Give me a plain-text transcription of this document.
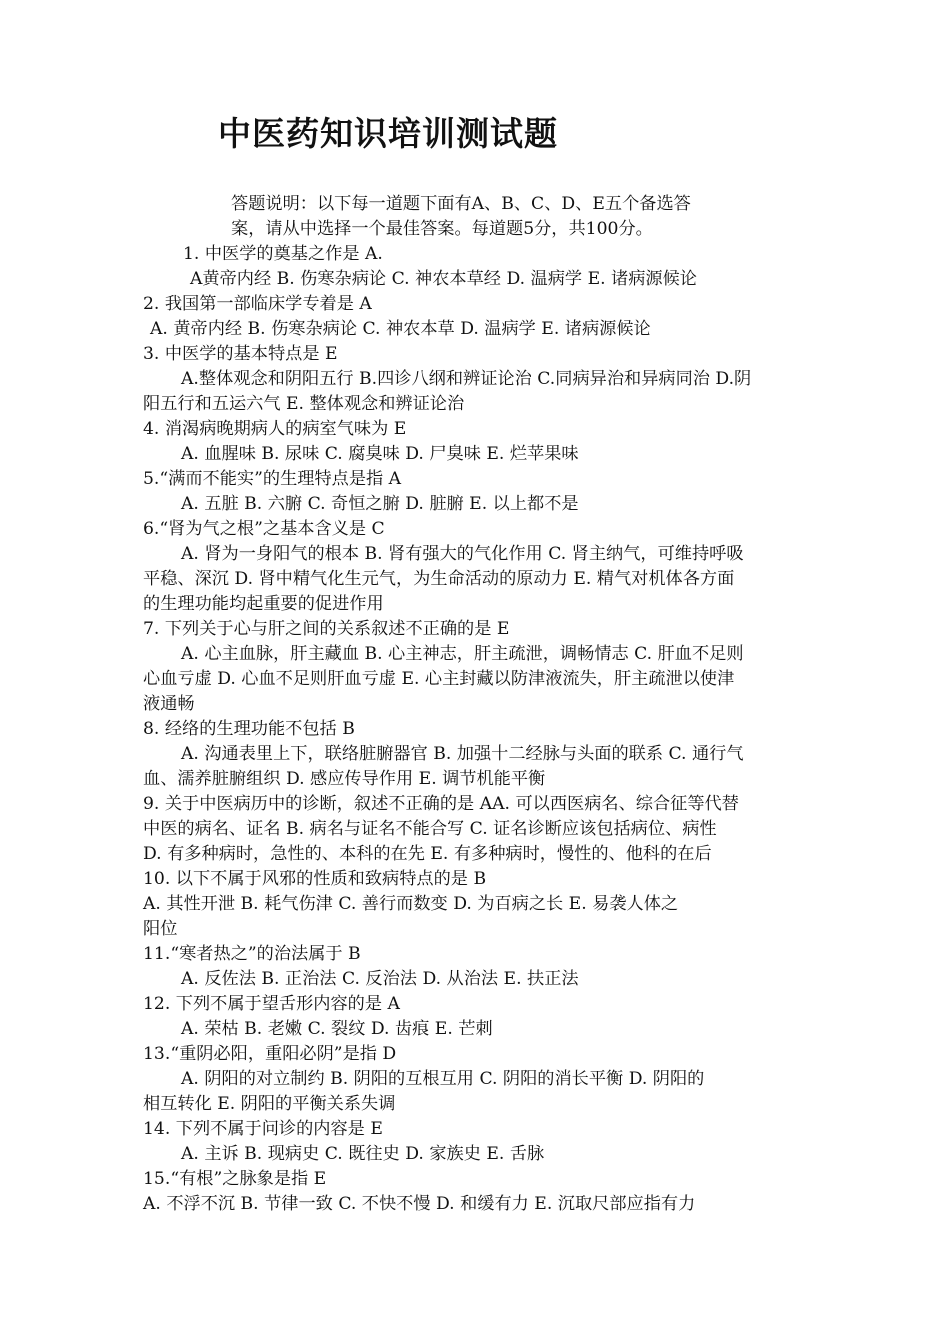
中医药知识培训测试题
答题说明：以下每一道题下面有A、B、C、D、E五个备选答
案，请从中选择一个最佳答案。每道题5分，共100分。
1. 中医学的奠基之作是 A.
A黄帝内经 B. 伤寒杂病论 C. 神农本草经 D. 温病学 E. 诸病源候论
2. 我国第一部临床学专着是 A
A. 黄帝内经 B. 伤寒杂病论 C. 神农本草 D. 温病学 E. 诸病源候论
3. 中医学的基本特点是 E
A.整体观念和阴阳五行 B.四诊八纲和辨证论治 C.同病异治和异病同治 D.阴
阳五行和五运六气 E. 整体观念和辨证论治
4. 消渴病晚期病人的病室气味为 E
A. 血腥味 B. 尿味 C. 腐臭味 D. 尸臭味 E. 烂苹果味
5.“满而不能实”的生理特点是指 A
A. 五脏 B. 六腑 C. 奇恒之腑 D. 脏腑 E. 以上都不是
6.“肾为气之根”之基本含义是 C
A. 肾为一身阳气的根本 B. 肾有强大的气化作用 C. 肾主纳气，可维持呼吸
平稳、深沉 D. 肾中精气化生元气，为生命活动的原动力 E. 精气对机体各方面
的生理功能均起重要的促进作用
7. 下列关于心与肝之间的关系叙述不正确的是 E
A. 心主血脉，肝主藏血 B. 心主神志，肝主疏泄，调畅情志 C. 肝血不足则
心血亏虚 D. 心血不足则肝血亏虚 E. 心主封藏以防津液流失，肝主疏泄以使津
液通畅
8. 经络的生理功能不包括 B
A. 沟通表里上下，联络脏腑器官 B. 加强十二经脉与头面的联系 C. 通行气
血、濡养脏腑组织 D. 感应传导作用 E. 调节机能平衡
9. 关于中医病历中的诊断，叙述不正确的是 AA. 可以西医病名、综合征等代替
中医的病名、证名 B. 病名与证名不能合写 C. 证名诊断应该包括病位、病性
D. 有多种病时，急性的、本科的在先 E. 有多种病时，慢性的、他科的在后
10. 以下不属于风邪的性质和致病特点的是 B
A. 其性开泄 B. 耗气伤津 C. 善行而数变 D. 为百病之长 E. 易袭人体之
阳位
11.“寒者热之”的治法属于 B
A. 反佐法 B. 正治法 C. 反治法 D. 从治法 E. 扶正法
12. 下列不属于望舌形内容的是 A
A. 荣枯 B. 老嫩 C. 裂纹 D. 齿痕 E. 芒刺
13.“重阴必阳，重阳必阴”是指 D
A. 阴阳的对立制约 B. 阴阳的互根互用 C. 阴阳的消长平衡 D. 阴阳的
相互转化 E. 阴阳的平衡关系失调
14. 下列不属于问诊的内容是 E
A. 主诉 B. 现病史 C. 既往史 D. 家族史 E. 舌脉
15.“有根”之脉象是指 E
A. 不浮不沉 B. 节律一致 C. 不快不慢 D. 和缓有力 E. 沉取尺部应指有力
